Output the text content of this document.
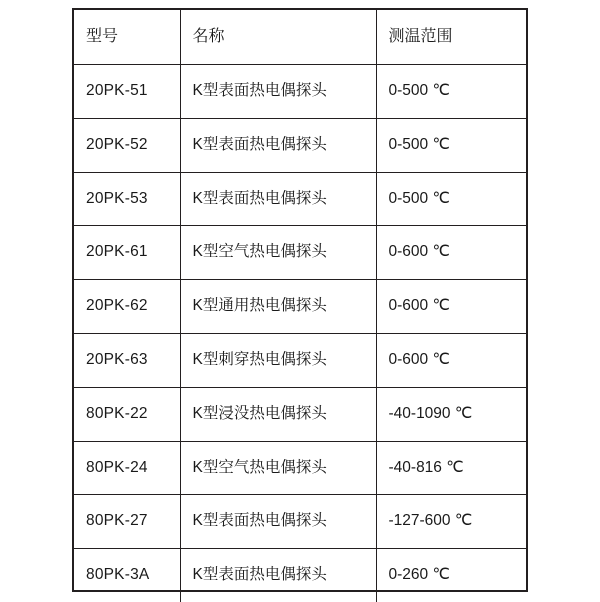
型号	名称	测温范围
20PK-51	K型表面热电偶探头	0-500 ℃
20PK-52	K型表面热电偶探头	0-500 ℃
20PK-53	K型表面热电偶探头	0-500 ℃
20PK-61	K型空气热电偶探头	0-600 ℃
20PK-62	K型通用热电偶探头	0-600 ℃
20PK-63	K型刺穿热电偶探头	0-600 ℃
80PK-22	K型浸没热电偶探头	-40-1090 ℃
80PK-24	K型空气热电偶探头	-40-816 ℃
80PK-27	K型表面热电偶探头	-127-600 ℃
80PK-3A	K型表面热电偶探头	0-260 ℃
